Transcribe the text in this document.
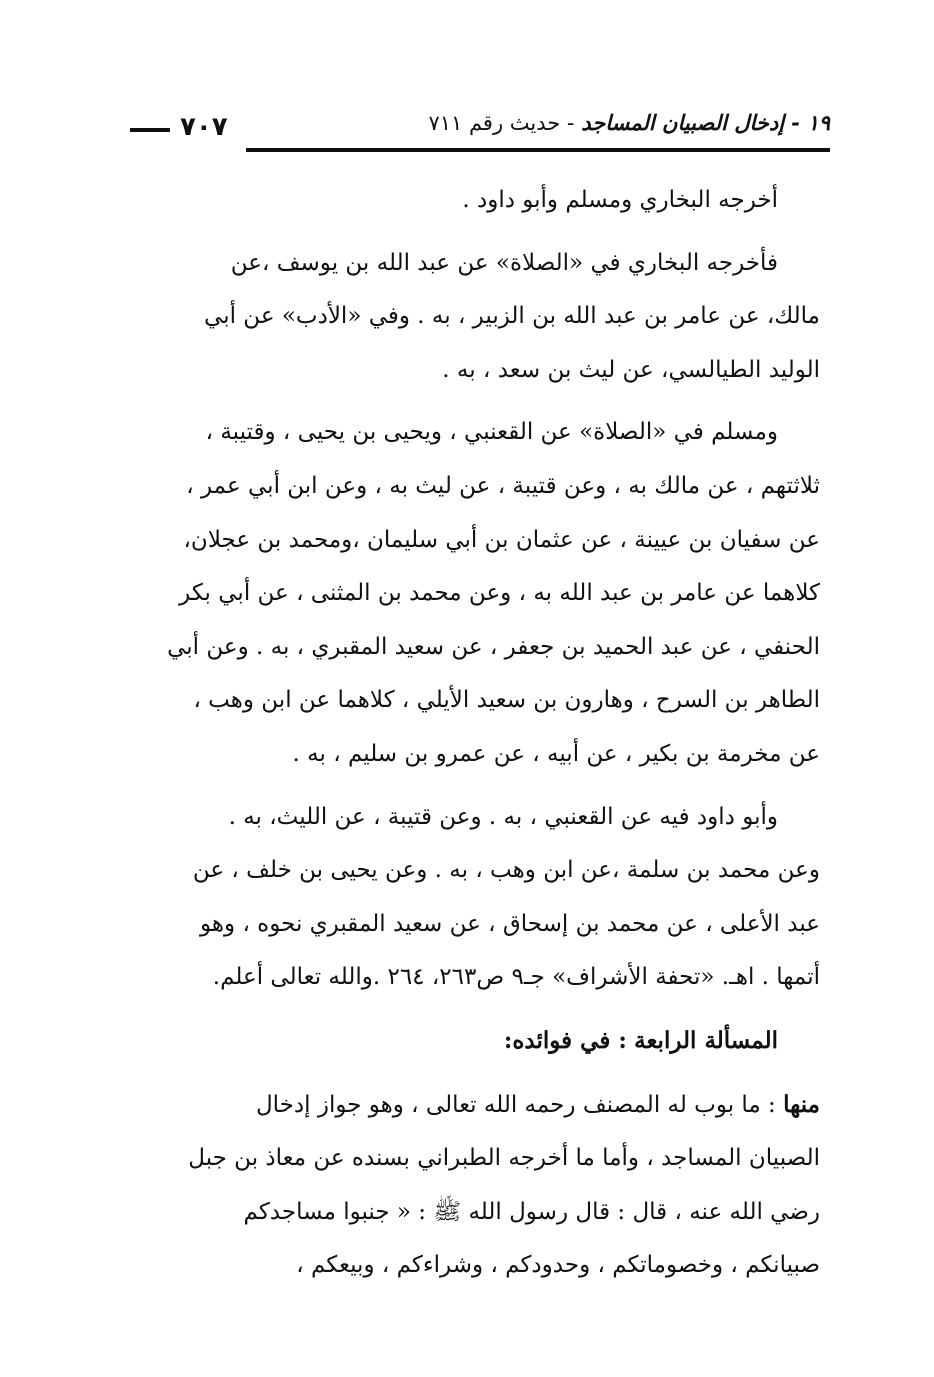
٧٠٧	١٩ - إدخال الصبيان المساجد - حديث رقم ٧١١
أخرجه البخاري ومسلم وأبو داود .
فأخرجه البخاري في «الصلاة» عن عبد الله بن يوسف ،عن
مالك، عن عامر بن عبد الله بن الزبير ، به . وفي «الأدب» عن أبي
الوليد الطيالسي، عن ليث بن سعد ، به .
ومسلم في «الصلاة» عن القعنبي ، ويحيى بن يحيى ، وقتيبة ،
ثلاثتهم ، عن مالك به ، وعن قتيبة ، عن ليث به ، وعن ابن أبي عمر ،
عن سفيان بن عيينة ، عن عثمان بن أبي سليمان ،ومحمد بن عجلان،
كلاهما عن عامر بن عبد الله به ، وعن محمد بن المثنى ، عن أبي بكر
الحنفي ، عن عبد الحميد بن جعفر ، عن سعيد المقبري ، به . وعن أبي
الطاهر بن السرح ، وهارون بن سعيد الأيلي ، كلاهما عن ابن وهب ،
عن مخرمة بن بكير ، عن أبيه ، عن عمرو بن سليم ، به .
وأبو داود فيه عن القعنبي ، به . وعن قتيبة ، عن الليث، به .
وعن محمد بن سلمة ،عن ابن وهب ، به . وعن يحيى بن خلف ، عن
عبد الأعلى ، عن محمد بن إسحاق ، عن سعيد المقبري نحوه ، وهو
أتمها . اهـ. «تحفة الأشراف» جـ٩ ص٢٦٣، ٢٦٤ .والله تعالى أعلم.
المسألة الرابعة : في فوائده:
منها : ما بوب له المصنف رحمه الله تعالى ، وهو جواز إدخال
الصبيان المساجد ، وأما ما أخرجه الطبراني بسنده عن معاذ بن جبل
رضي الله عنه ، قال : قال رسول الله ﷺ : « جنبوا مساجدكم
صبيانكم ، وخصوماتكم ، وحدودكم ، وشراءكم ، وبيعكم ،
